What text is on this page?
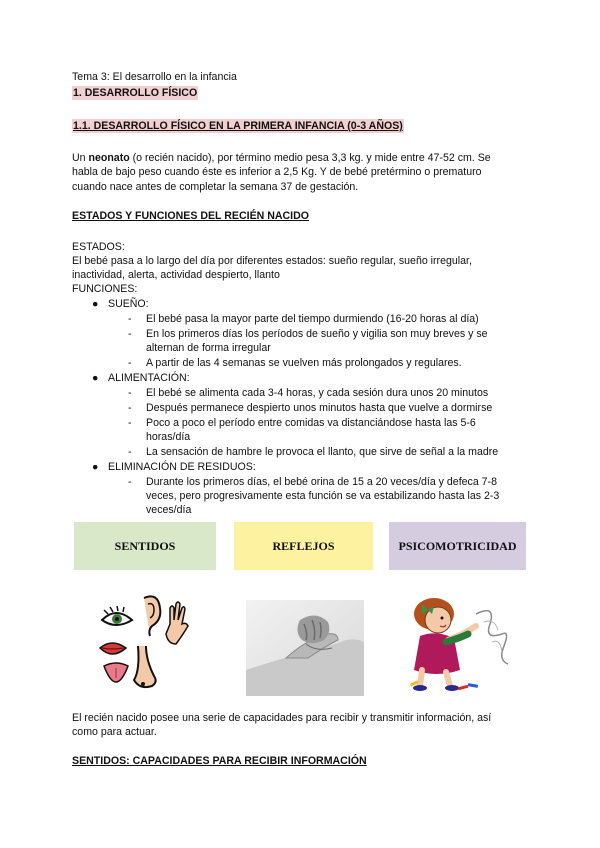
Tema 3: El desarrollo en la infancia
1. DESARROLLO FÍSICO
1.1. DESARROLLO FÍSICO EN LA PRIMERA INFANCIA (0-3 AÑOS)
Un neonato (o recién nacido), por término medio pesa 3,3 kg. y mide entre 47-52 cm. Se
habla de bajo peso cuando éste es inferior a 2,5 Kg. Y de bebé pretérmino o prematuro
cuando nace antes de completar la semana 37 de gestación.
ESTADOS Y FUNCIONES DEL RECIÉN NACIDO
ESTADOS:
El bebé pasa a lo largo del día por diferentes estados: sueño regular, sueño irregular,
inactividad, alerta, actividad despierto, llanto
FUNCIONES:
● SUEÑO:
- El bebé pasa la mayor parte del tiempo durmiendo (16-20 horas al día)
- En los primeros días los períodos de sueño y vigilia son muy breves y se
alternan de forma irregular
- A partir de las 4 semanas se vuelven más prolongados y regulares.
● ALIMENTACIÓN:
- El bebé se alimenta cada 3-4 horas, y cada sesión dura unos 20 minutos
- Después permanece despierto unos minutos hasta que vuelve a dormirse
- Poco a poco el período entre comidas va distanciándose hasta las 5-6
horas/día
- La sensación de hambre le provoca el llanto, que sirve de señal a la madre
● ELIMINACIÓN DE RESIDUOS:
- Durante los primeros días, el bebé orina de 15 a 20 veces/día y defeca 7-8
veces, pero progresivamente esta función se va estabilizando hasta las 2-3
veces/día
SENTIDOS	REFLEJOS	PSICOMOTRICIDAD
El recién nacido posee una serie de capacidades para recibir y transmitir información, así
como para actuar.
SENTIDOS: CAPACIDADES PARA RECIBIR INFORMACIÓN
